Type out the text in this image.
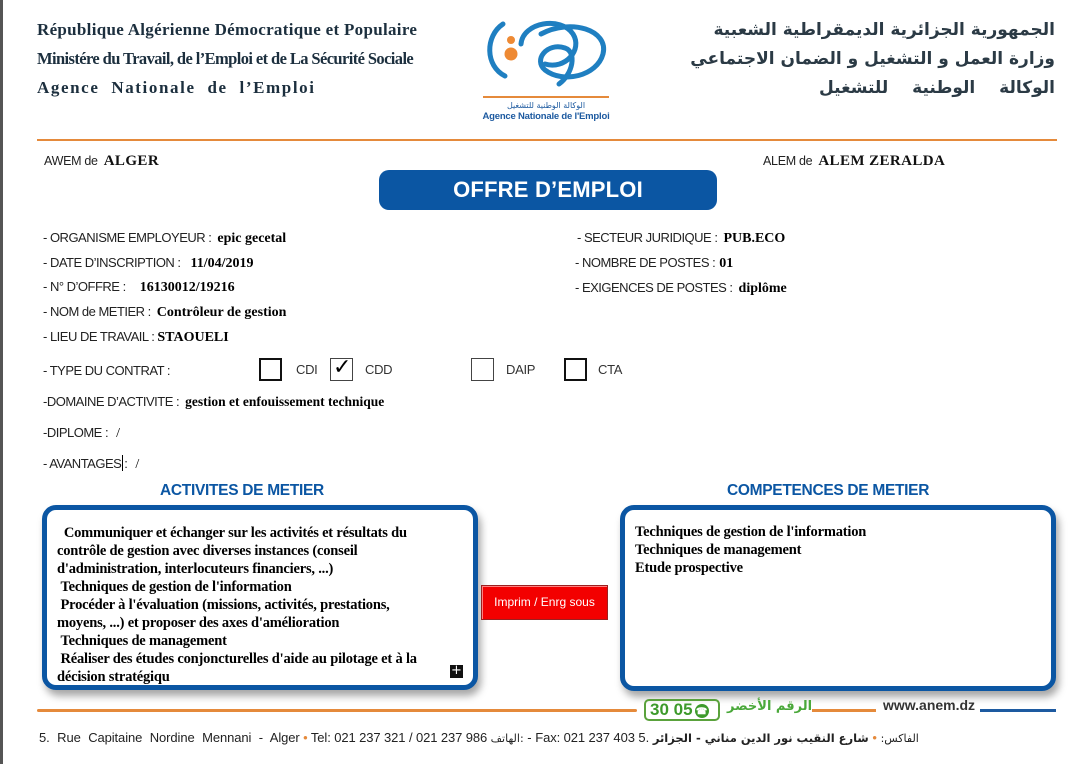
République Algérienne Démocratique et Populaire
Ministére du Travail, de l’Emploi et de La Sécurité Sociale
Agence Nationale de l’Emploi
الوكالة الوطنية للتشغيل
Agence Nationale de l'Emploi
الجمهورية الجزائرية الديمقراطية الشعبية
وزارة العمل و التشغيل و الضمان الاجتماعي
الوكالة الوطنية للتشغيل
AWEM de ALGER	ALEM de ALEM ZERALDA
OFFRE D’EMPLOI
- ORGANISME EMPLOYEUR : epic gecetal
- DATE D’INSCRIPTION : 11/04/2019
- N° D’OFFRE : 16130012/19216
- NOM de METIER : Contrôleur de gestion
- LIEU DE TRAVAIL : STAOUELI
- SECTEUR JURIDIQUE : PUB.ECO
- NOMBRE DE POSTES : 01
- EXIGENCES DE POSTES : diplôme
- TYPE DU CONTRAT :	CDI ✓ CDD	DAIP	CTA
-DOMAINE D’ACTIVITE : gestion et enfouissement technique
-DIPLOME : /
- AVANTAGES : /
ACTIVITES DE METIER
Communiquer et échanger sur les activités et résultats du
contrôle de gestion avec diverses instances (conseil
d'administration, interlocuteurs financiers, ...)
Techniques de gestion de l'information
Procéder à l'évaluation (missions, activités, prestations,
moyens, ...) et proposer des axes d'amélioration
Techniques de management
Réaliser des études conjoncturelles d'aide au pilotage et à la
décision stratégiqu	+
Imprim / Enrg sous
COMPETENCES DE METIER
Techniques de gestion de l'information
Techniques de management
Etude prospective
30 05 ☎	الرقم الأخضر	www.anem.dz
5. Rue Capitaine Nordine Mennani - Alger • Tel: 021 237 321 / 021 237 986 الهاتف: - Fax: 021 237 403	الفاكس: • شارع النقيب نور الدين مناني - الجزائر .5
